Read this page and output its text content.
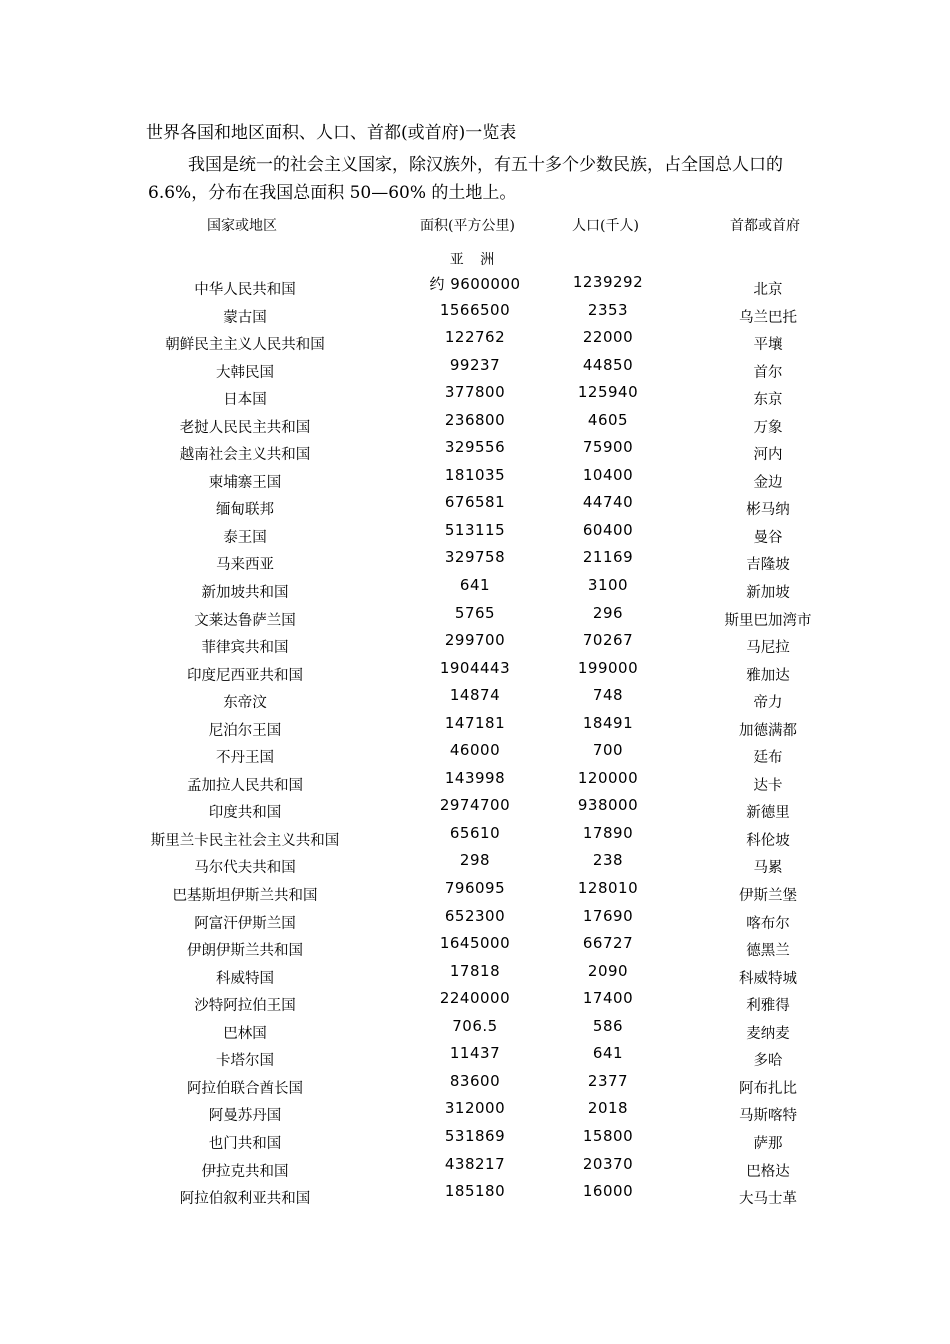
世界各国和地区面积、人口、首都(或首府)一览表
我国是统一的社会主义国家，除汉族外，有五十多个少数民族，占全国总人口的 6.6%，分布在我国总面积 50—60% 的土地上。
国家或地区	面积(平方公里)	人口(千人)	首都或首府
亚 洲
中华人民共和国	约 9600000	1239292	北京
蒙古国	1566500	2353	乌兰巴托
朝鲜民主主义人民共和国	122762	22000	平壤
大韩民国	99237	44850	首尔
日本国	377800	125940	东京
老挝人民民主共和国	236800	4605	万象
越南社会主义共和国	329556	75900	河内
柬埔寨王国	181035	10400	金边
缅甸联邦	676581	44740	彬马纳
泰王国	513115	60400	曼谷
马来西亚	329758	21169	吉隆坡
新加坡共和国	641	3100	新加坡
文莱达鲁萨兰国	5765	296	斯里巴加湾市
菲律宾共和国	299700	70267	马尼拉
印度尼西亚共和国	1904443	199000	雅加达
东帝汶	14874	748	帝力
尼泊尔王国	147181	18491	加德满都
不丹王国	46000	700	廷布
孟加拉人民共和国	143998	120000	达卡
印度共和国	2974700	938000	新德里
斯里兰卡民主社会主义共和国	65610	17890	科伦坡
马尔代夫共和国	298	238	马累
巴基斯坦伊斯兰共和国	796095	128010	伊斯兰堡
阿富汗伊斯兰国	652300	17690	喀布尔
伊朗伊斯兰共和国	1645000	66727	德黑兰
科威特国	17818	2090	科威特城
沙特阿拉伯王国	2240000	17400	利雅得
巴林国	706.5	586	麦纳麦
卡塔尔国	11437	641	多哈
阿拉伯联合酋长国	83600	2377	阿布扎比
阿曼苏丹国	312000	2018	马斯喀特
也门共和国	531869	15800	萨那
伊拉克共和国	438217	20370	巴格达
阿拉伯叙利亚共和国	185180	16000	大马士革
